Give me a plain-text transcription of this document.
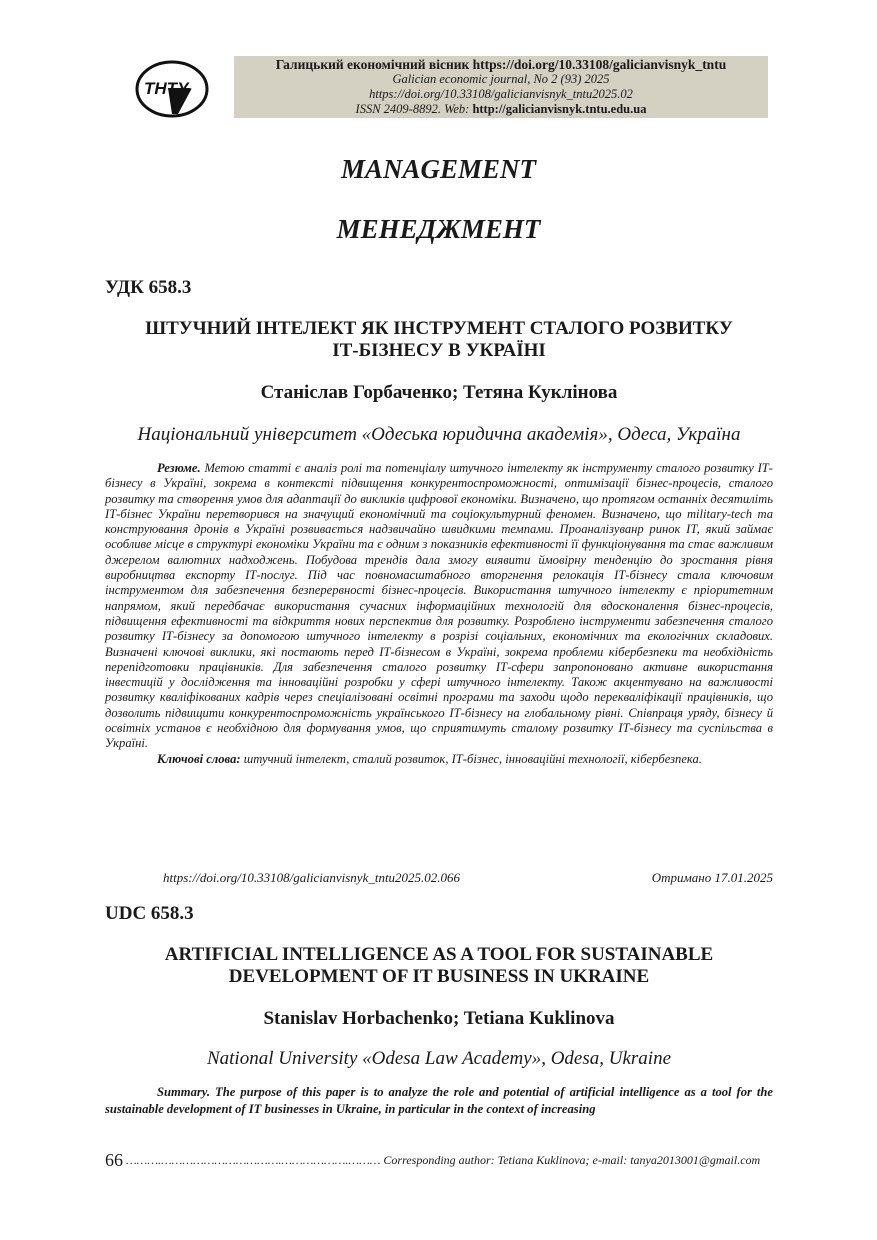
ТНТУ
Галицький економічний вісник https://doi.org/10.33108/galicianvisnyk_tntu
Galician economic journal, No 2 (93) 2025
https://doi.org/10.33108/galicianvisnyk_tntu2025.02
ISSN 2409-8892. Web: http://galicianvisnyk.tntu.edu.ua
MANAGEMENT
МЕНЕДЖМЕНТ
УДК 658.3
ШТУЧНИЙ ІНТЕЛЕКТ ЯК ІНСТРУМЕНТ СТАЛОГО РОЗВИТКУ
ІТ-БІЗНЕСУ В УКРАЇНІ
Станіслав Горбаченко; Тетяна Куклінова
Національний університет «Одеська юридична академія», Одеса, Україна

Резюме. Метою статті є аналіз ролі та потенціалу штучного інтелекту як інструменту сталого розвитку ІТ-бізнесу в Україні, зокрема в контексті підвищення конкурентоспроможності, оптимізації бізнес-процесів, сталого розвитку та створення умов для адаптації до викликів цифрової економіки. Визначено, що протягом останніх десятиліть ІТ-бізнес України перетворився на значущий економічний та соціокультурний феномен. Визначено, що military-tech та конструювання дронів в Україні розвивається надзвичайно швидкими темпами. Проаналізуванр ринок ІТ, який займає особливе місце в структурі економіки України та є одним з показників ефективності її функціонування та стає важливим джерелом валютних надходжень. Побудова трендів дала змогу виявити ймовірну тенденцію до зростання рівня виробництва експорту ІТ-послуг. Під час повномасштабного вторгнення релокація ІТ-бізнесу стала ключовим інструментом для забезпечення безперервності бізнес-процесів. Використання штучного інтелекту є пріоритетним напрямом, який передбачає використання сучасних інформаційних технологій для вдосконалення бізнес-процесів, підвищення ефективності та відкриття нових перспектив для розвитку. Розроблено інструменти забезпечення сталого розвитку ІТ-бізнесу за допомогою штучного інтелекту в розрізі соціальних, економічних та екологічних складових. Визначені ключові виклики, які постають перед ІТ-бізнесом в Україні, зокрема проблеми кібербезпеки та необхідність перепідготовки працівників. Для забезпечення сталого розвитку ІТ-сфери запропоновано активне використання інвестицій у дослідження та інноваційні розробки у сфері штучного інтелекту. Також акцентувано на важливості розвитку кваліфікованих кадрів через спеціалізовані освітні програми та заходи щодо перекваліфікації працівників, що дозволить підвищити конкурентоспроможність українського ІТ-бізнесу на глобальному рівні. Співпраця уряду, бізнесу й освітніх установ є необхідною для формування умов, що сприятимуть сталому розвитку ІТ-бізнесу та суспільства в Україні.

Ключові слова: штучний інтелект, сталий розвиток, ІТ-бізнес, інноваційні технології, кібербезпека.

https://doi.org/10.33108/galicianvisnyk_tntu2025.02.066	Отримано 17.01.2025
UDC 658.3
ARTIFICIAL INTELLIGENCE AS A TOOL FOR SUSTAINABLE
DEVELOPMENT OF IT BUSINESS IN UKRAINE
Stanislav Horbachenko; Tetiana Kuklinova
National University «Odesa Law Academy», Odesa, Ukraine

Summary. The purpose of this paper is to analyze the role and potential of artificial intelligence as a tool for the sustainable development of IT businesses in Ukraine, in particular in the context of increasing

66 ……….…………………………….……………….……… Corresponding author: Tetiana Kuklinova; e-mail: tanya2013001@gmail.com
